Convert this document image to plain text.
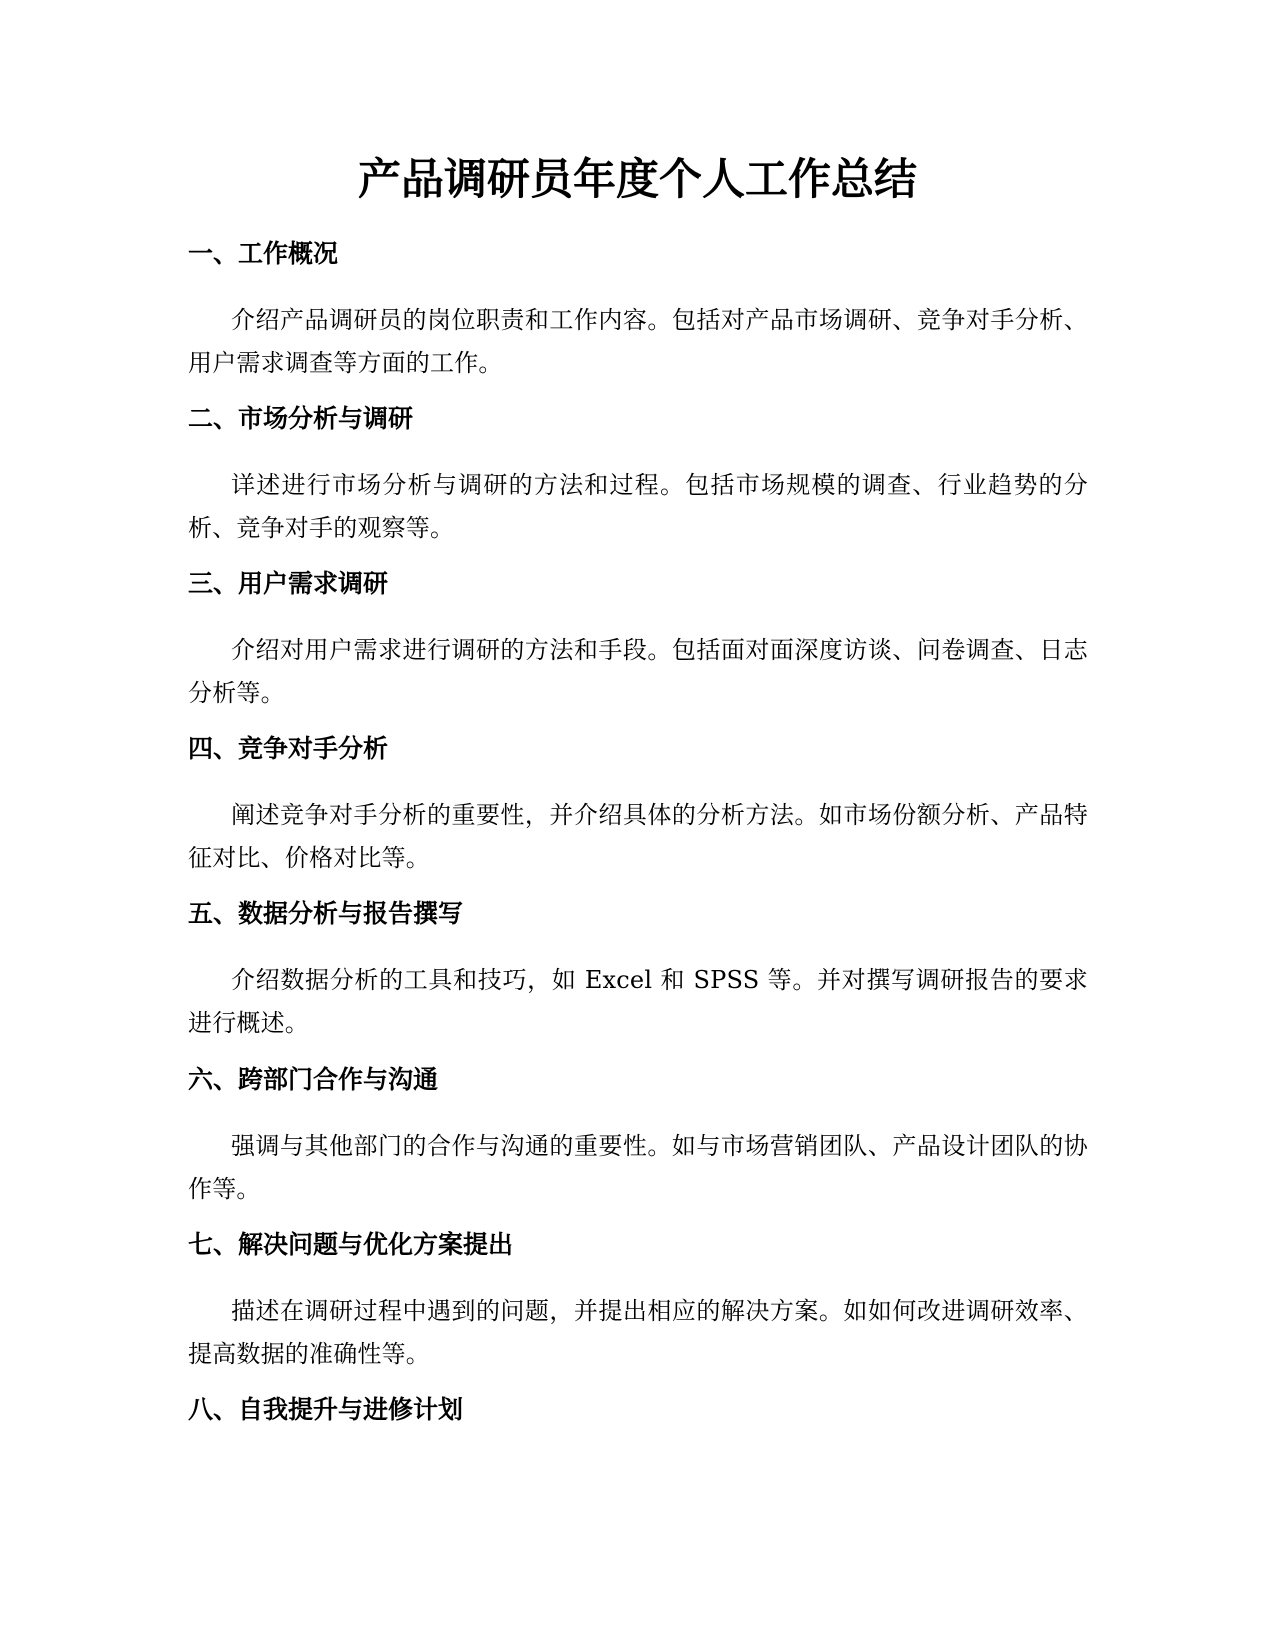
产品调研员年度个人工作总结
一、工作概况

介绍产品调研员的岗位职责和工作内容。包括对产品市场调研、竞争对手分析、用户需求调查等方面的工作。

二、市场分析与调研

详述进行市场分析与调研的方法和过程。包括市场规模的调查、行业趋势的分析、竞争对手的观察等。

三、用户需求调研

介绍对用户需求进行调研的方法和手段。包括面对面深度访谈、问卷调查、日志分析等。

四、竞争对手分析

阐述竞争对手分析的重要性，并介绍具体的分析方法。如市场份额分析、产品特征对比、价格对比等。

五、数据分析与报告撰写

介绍数据分析的工具和技巧，如 Excel 和 SPSS 等。并对撰写调研报告的要求进行概述。

六、跨部门合作与沟通

强调与其他部门的合作与沟通的重要性。如与市场营销团队、产品设计团队的协作等。

七、解决问题与优化方案提出

描述在调研过程中遇到的问题，并提出相应的解决方案。如如何改进调研效率、提高数据的准确性等。

八、自我提升与进修计划
